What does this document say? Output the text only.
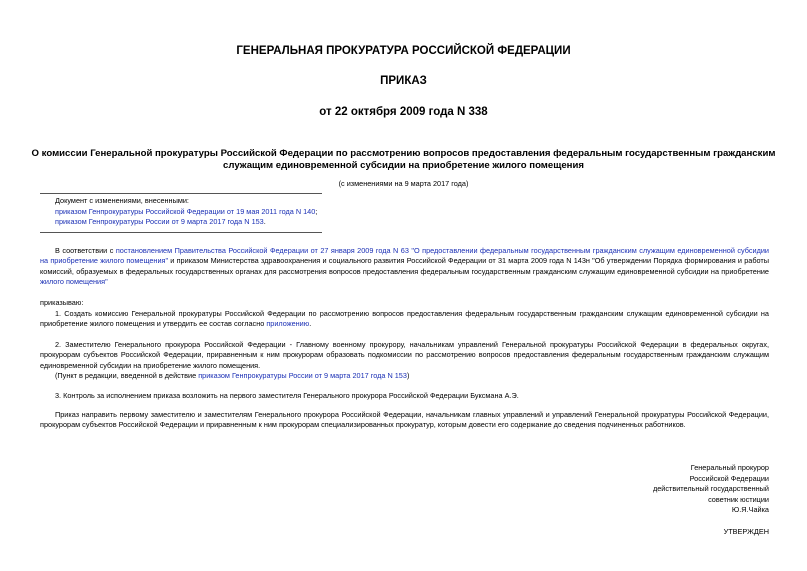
ГЕНЕРАЛЬНАЯ ПРОКУРАТУРА РОССИЙСКОЙ ФЕДЕРАЦИИ
ПРИКАЗ
от 22 октября 2009 года N 338
О комиссии Генеральной прокуратуры Российской Федерации по рассмотрению вопросов предоставления федеральным государственным гражданским
служащим единовременной субсидии на приобретение жилого помещения
(с изменениями на 9 марта 2017 года)
Документ с изменениями, внесенными:
приказом Генпрокуратуры Российской Федерации от 19 мая 2011 года N 140;
приказом Генпрокуратуры России от 9 марта 2017 года N 153.
В соответствии с постановлением Правительства Российской Федерации от 27 января 2009 года N 63 "О предоставлении федеральным государственным гражданским служащим единовременной субсидии на приобретение жилого помещения" и приказом Министерства здравоохранения и социального развития Российской Федерации от 31 марта 2009 года N 143н "Об утверждении Порядка формирования и работы комиссий, образуемых в федеральных государственных органах для рассмотрения вопросов предоставления федеральным государственным гражданским служащим единовременной субсидии на приобретение жилого помещения"
приказываю:
1. Создать комиссию Генеральной прокуратуры Российской Федерации по рассмотрению вопросов предоставления федеральным государственным гражданским служащим единовременной субсидии на приобретение жилого помещения и утвердить ее состав согласно приложению.
2. Заместителю Генерального прокурора Российской Федерации - Главному военному прокурору, начальникам управлений Генеральной прокуратуры Российской Федерации в федеральных округах, прокурорам субъектов Российской Федерации, приравненным к ним прокурорам образовать подкомиссии по рассмотрению вопросов предоставления федеральным государственным гражданским служащим единовременной субсидии на приобретение жилого помещения.
(Пункт в редакции, введенной в действие приказом Генпрокуратуры России от 9 марта 2017 года N 153)
3. Контроль за исполнением приказа возложить на первого заместителя Генерального прокурора Российской Федерации Буксмана А.Э.
Приказ направить первому заместителю и заместителям Генерального прокурора Российской Федерации, начальникам главных управлений и управлений Генеральной прокуратуры Российской Федерации, прокурорам субъектов Российской Федерации и приравненным к ним прокурорам специализированных прокуратур, которым довести его содержание до сведения подчиненных работников.
Генеральный прокурор
Российской Федерации
действительный государственный
советник юстиции
Ю.Я.Чайка
УТВЕРЖДЕН
